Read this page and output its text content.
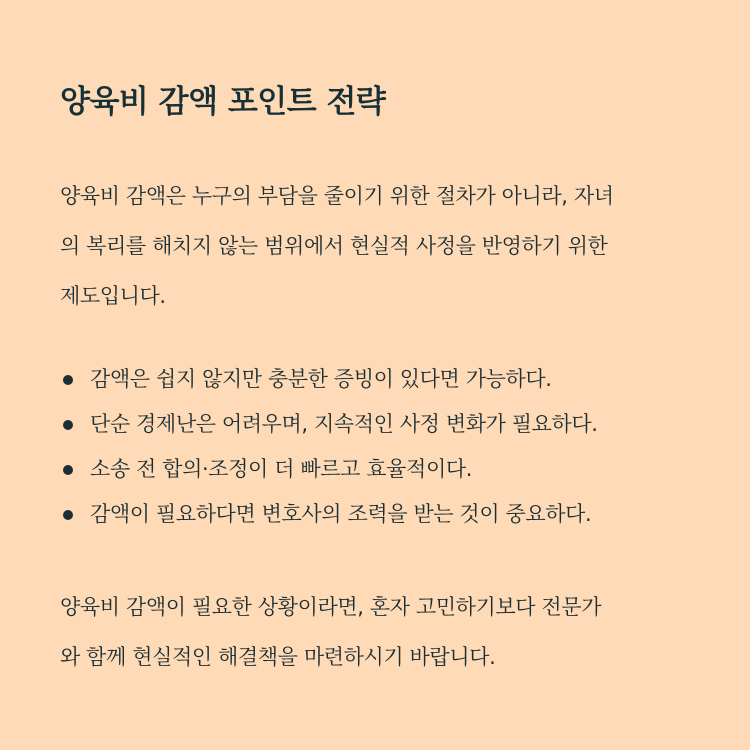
양육비 감액 포인트 전략

양육비 감액은 누구의 부담을 줄이기 위한 절차가 아니라, 자녀
의 복리를 해치지 않는 범위에서 현실적 사정을 반영하기 위한
제도입니다.

감액은 쉽지 않지만 충분한 증빙이 있다면 가능하다.
단순 경제난은 어려우며, 지속적인 사정 변화가 필요하다.
소송 전 합의·조정이 더 빠르고 효율적이다.
감액이 필요하다면 변호사의 조력을 받는 것이 중요하다.

양육비 감액이 필요한 상황이라면, 혼자 고민하기보다 전문가
와 함께 현실적인 해결책을 마련하시기 바랍니다.
